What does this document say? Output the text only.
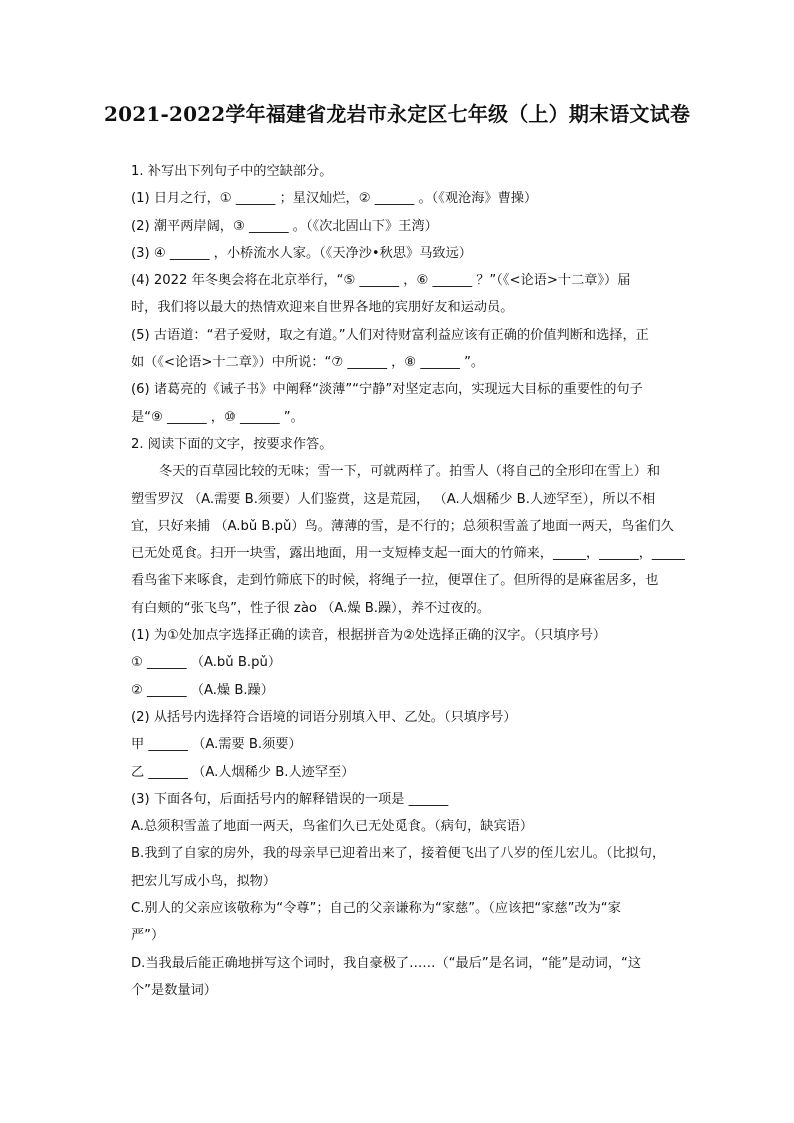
2021-2022学年福建省龙岩市永定区七年级（上）期末语文试卷
1. 补写出下列句子中的空缺部分。
(1) 日月之行，① ______ ；星汉灿烂，② ______ 。（《观沧海》曹操）
(2) 潮平两岸阔，③ ______ 。（《次北固山下》王湾）
(3) ④ ______ ，小桥流水人家。（《天净沙•秋思》马致远）
(4) 2022 年冬奥会将在北京举行，“⑤ ______ ，⑥ ______ ？”（《<论语>十二章》）届
时，我们将以最大的热情欢迎来自世界各地的宾朋好友和运动员。
(5) 古语道：“君子爱财，取之有道。”人们对待财富利益应该有正确的价值判断和选择，正
如（《<论语>十二章》）中所说：“⑦ ______ ，⑧ ______ ”。
(6) 诸葛亮的《诫子书》中阐释“淡薄”“宁静”对坚定志向，实现远大目标的重要性的句子
是“⑨ ______ ，⑩ ______ ”。
2. 阅读下面的文字，按要求作答。
冬天的百草园比较的无味；雪一下，可就两样了。拍雪人（将自己的全形印在雪上）和
塑雪罗汉 （A.需要 B.须要）人们鉴赏，这是荒园， （A.人烟稀少 B.人迹罕至），所以不相
宜，只好来捕 （A.bǔ B.pǔ）鸟。薄薄的雪，是不行的；总须积雪盖了地面一两天，鸟雀们久
已无处觅食。扫开一块雪，露出地面，用一支短棒支起一面大的竹筛来，_____，______，_____
看鸟雀下来啄食，走到竹筛底下的时候，将绳子一拉，便罩住了。但所得的是麻雀居多，也
有白颊的“张飞鸟”，性子很 zào （A.燥 B.躁），养不过夜的。
(1) 为①处加点字选择正确的读音，根据拼音为②处选择正确的汉字。（只填序号）
① ______ （A.bǔ B.pǔ）
② ______ （A.燥 B.躁）
(2) 从括号内选择符合语境的词语分别填入甲、乙处。（只填序号）
甲 ______ （A.需要 B.须要）
乙 ______ （A.人烟稀少 B.人迹罕至）
(3) 下面各句，后面括号内的解释错误的一项是 ______
A.总须积雪盖了地面一两天，鸟雀们久已无处觅食。（病句，缺宾语）
B.我到了自家的房外，我的母亲早已迎着出来了，接着便飞出了八岁的侄儿宏儿。（比拟句，
把宏儿写成小鸟，拟物）
C.别人的父亲应该敬称为“令尊”；自己的父亲谦称为“家慈”。（应该把“家慈”改为“家
严”）
D.当我最后能正确地拼写这个词时，我自豪极了……（“最后”是名词，“能”是动词，“这
个”是数量词）
